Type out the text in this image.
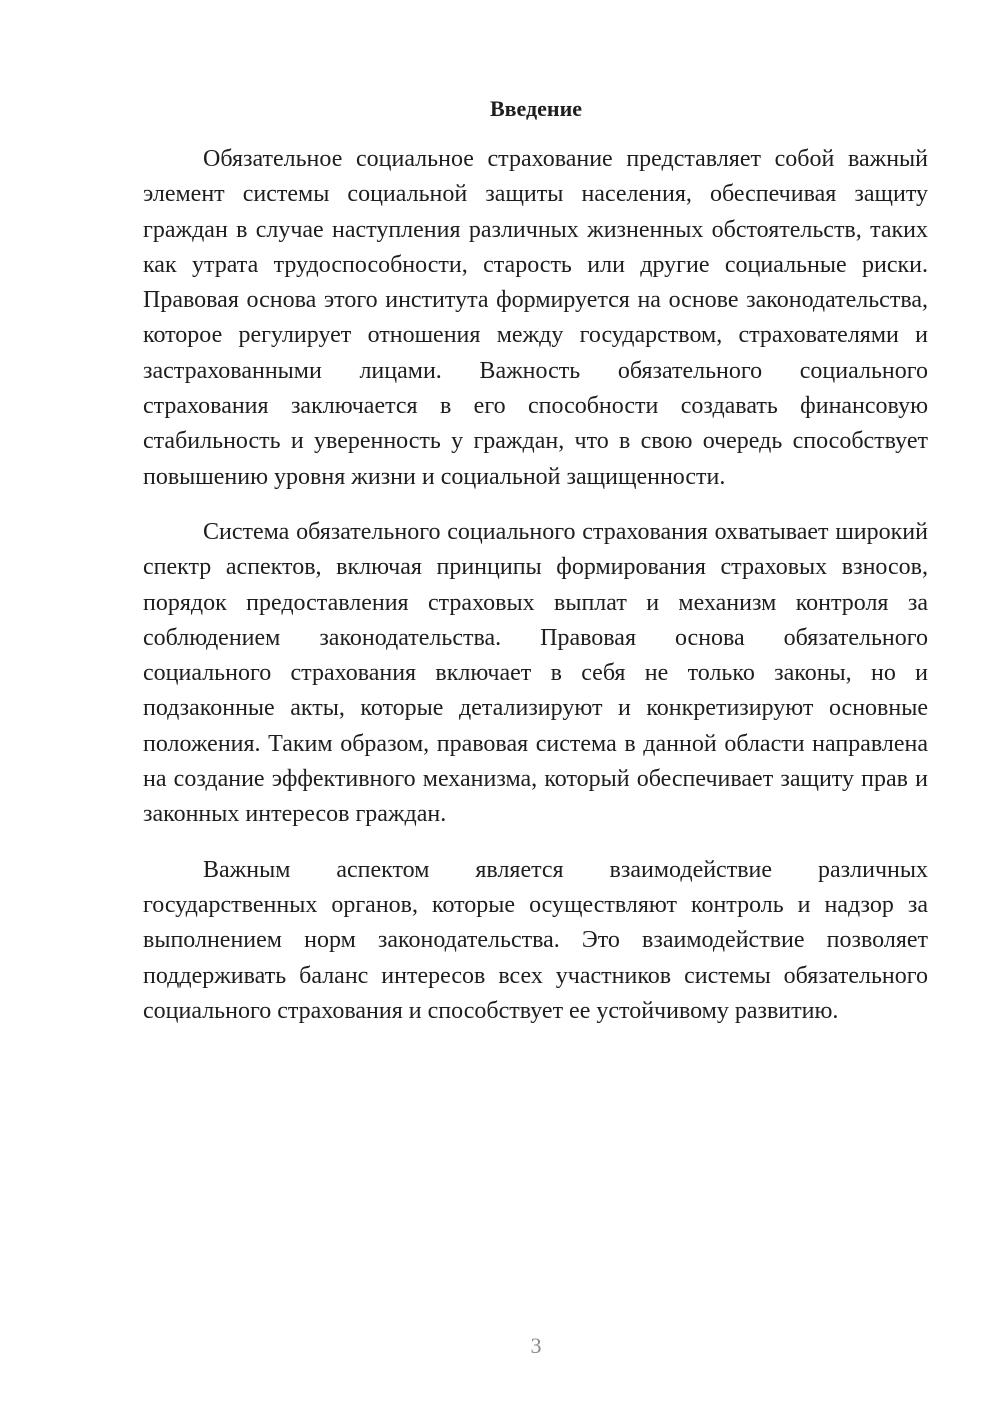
Введение

Обязательное социальное страхование представляет собой важный элемент системы социальной защиты населения, обеспечивая защиту граждан в случае наступления различных жизненных обстоятельств, таких как утрата трудоспособности, старость или другие социальные риски. Правовая основа этого института формируется на основе законодательства, которое регулирует отношения между государством, страхователями и застрахованными лицами. Важность обязательного социального страхования заключается в его способности создавать финансовую стабильность и уверенность у граждан, что в свою очередь способствует повышению уровня жизни и социальной защищенности.

Система обязательного социального страхования охватывает широкий спектр аспектов, включая принципы формирования страховых взносов, порядок предоставления страховых выплат и механизм контроля за соблюдением законодательства. Правовая основа обязательного социального страхования включает в себя не только законы, но и подзаконные акты, которые детализируют и конкретизируют основные положения. Таким образом, правовая система в данной области направлена на создание эффективного механизма, который обеспечивает защиту прав и законных интересов граждан.

Важным аспектом является взаимодействие различных государственных органов, которые осуществляют контроль и надзор за выполнением норм законодательства. Это взаимодействие позволяет поддерживать баланс интересов всех участников системы обязательного социального страхования и способствует ее устойчивому развитию.

3
